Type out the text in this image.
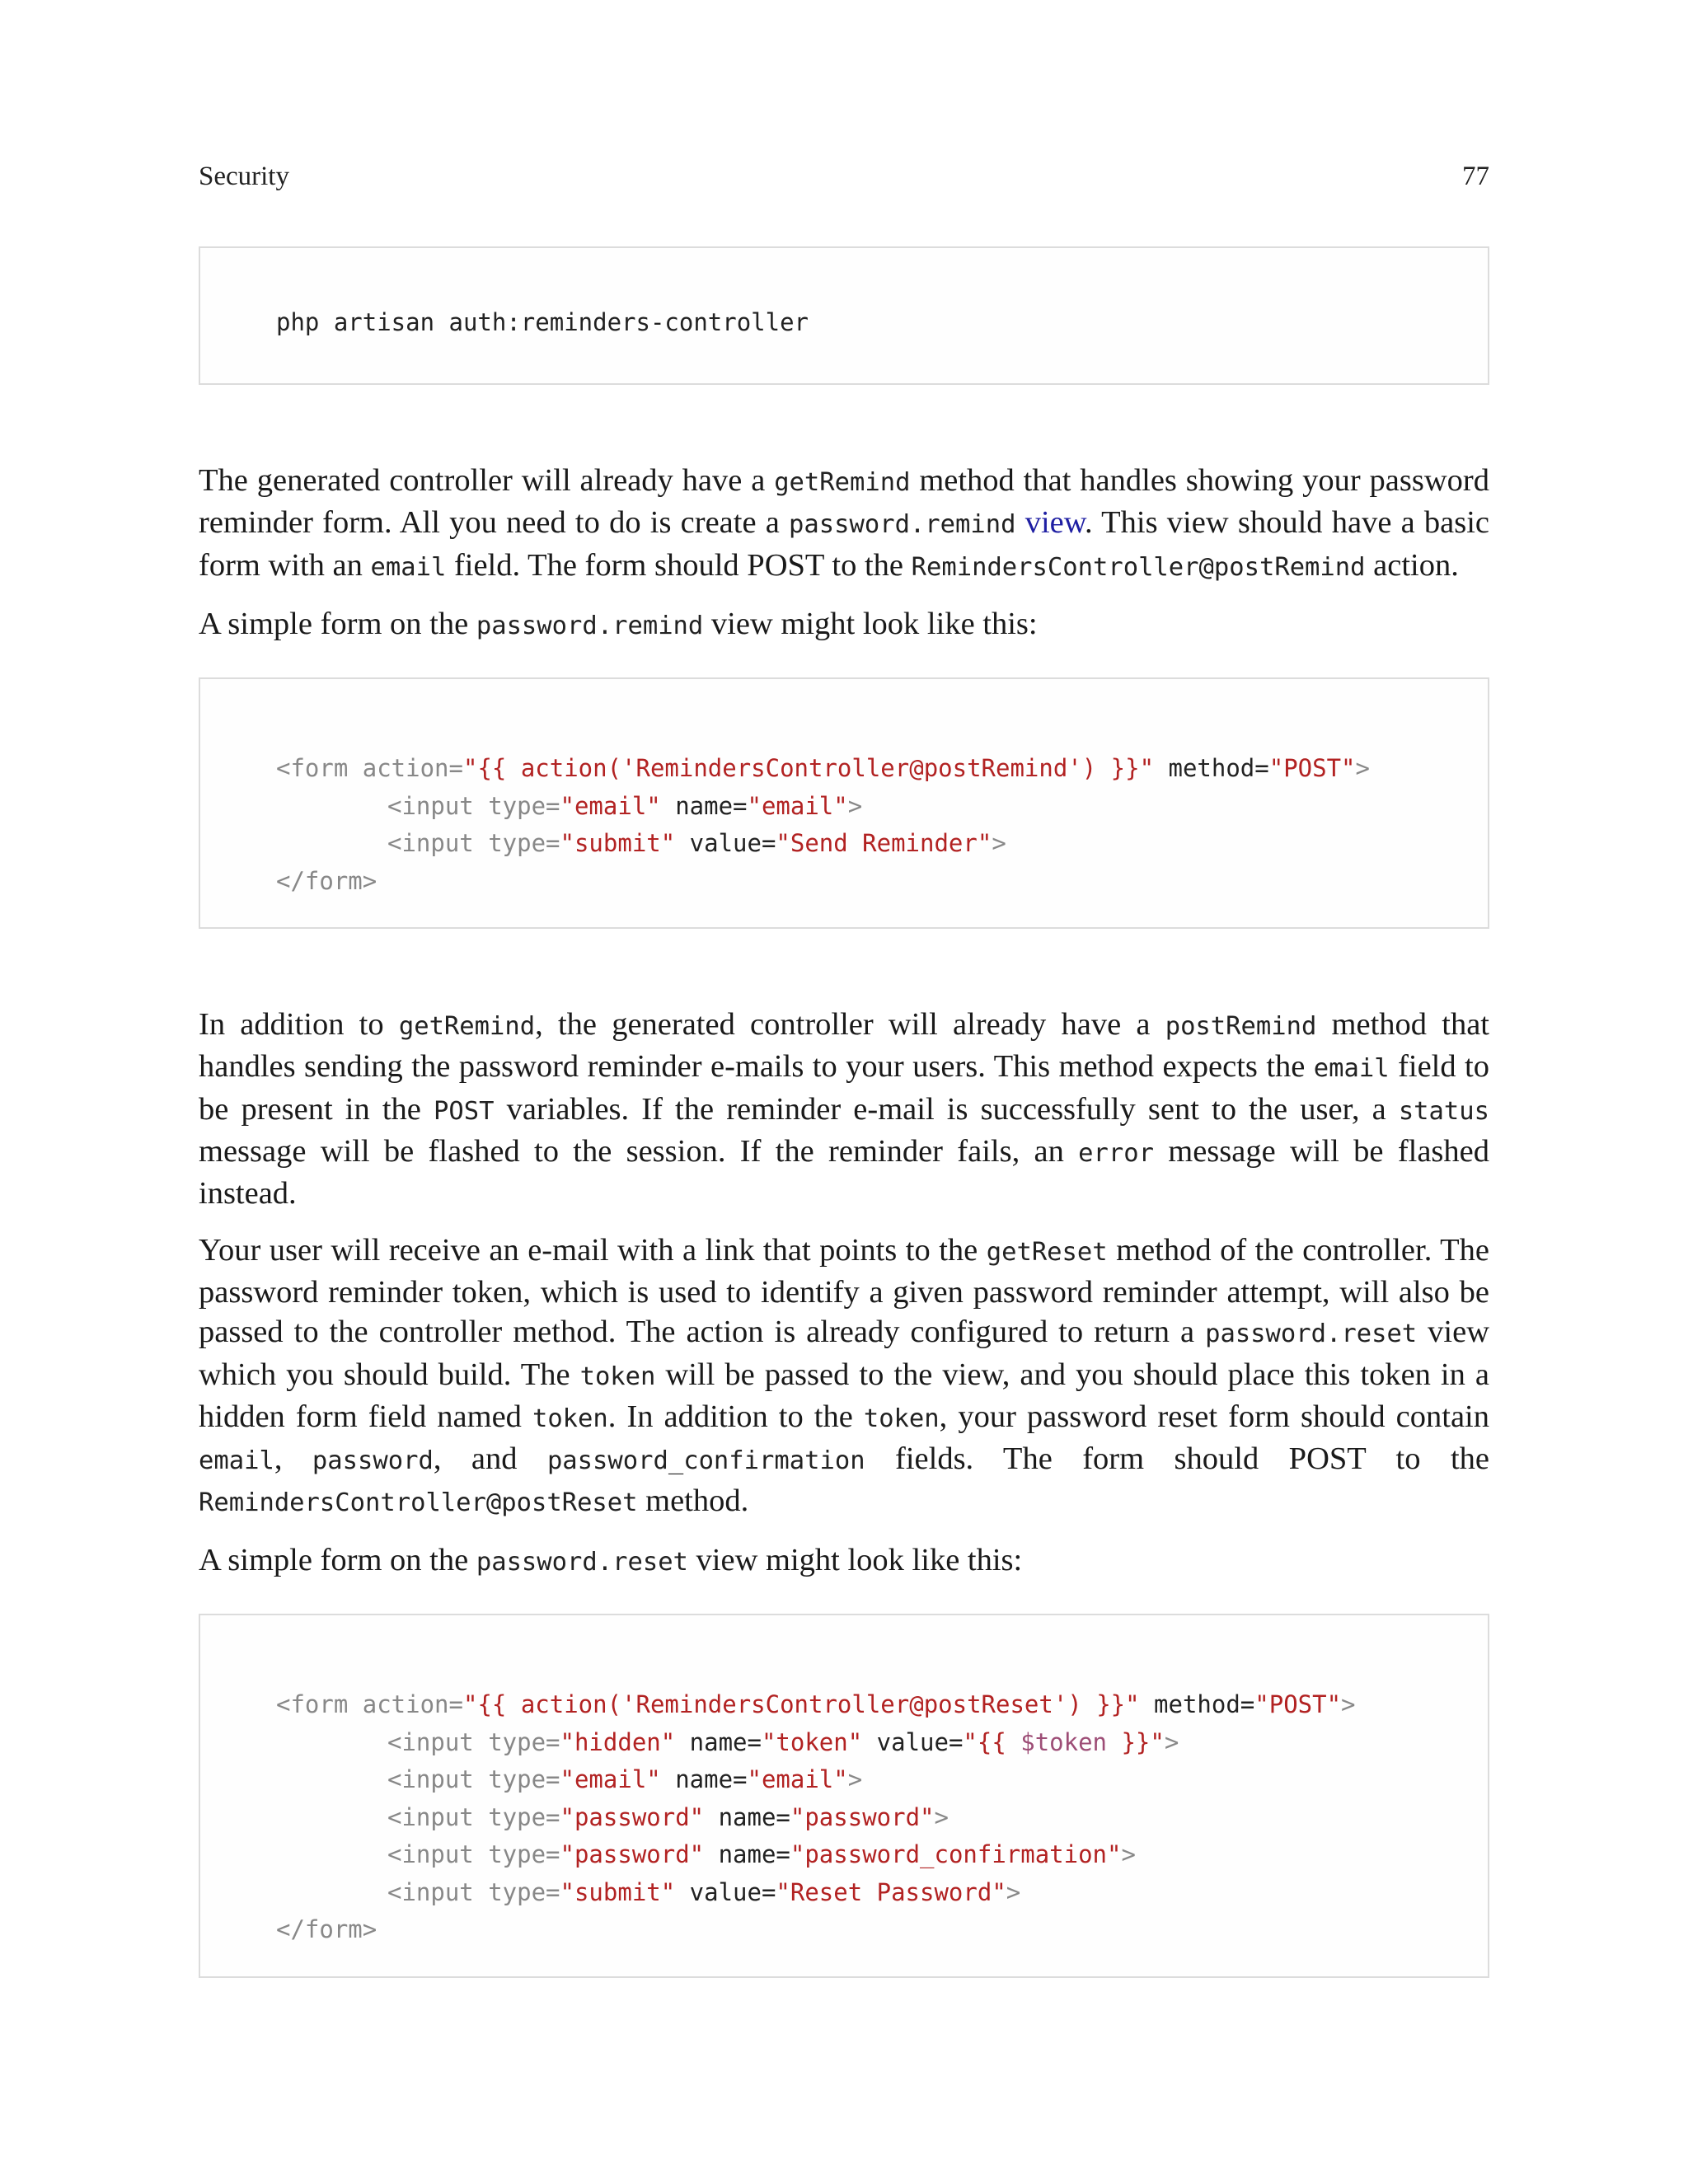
Security	77
php artisan auth:reminders-controller

The generated controller will already have a getRemind method that handles showing your password reminder form. All you need to do is create a password.remind view. This view should have a basic form with an email field. The form should POST to the RemindersController@postRemind action.

A simple form on the password.remind view might look like this:

<form action="{{ action('RemindersController@postRemind') }}" method="POST">
<input type="email" name="email">
<input type="submit" value="Send Reminder">
</form>

In addition to getRemind, the generated controller will already have a postRemind method that handles sending the password reminder e-mails to your users. This method expects the email field to be present in the POST variables. If the reminder e-mail is successfully sent to the user, a status message will be flashed to the session. If the reminder fails, an error message will be flashed instead.

Your user will receive an e-mail with a link that points to the getReset method of the controller. The password reminder token, which is used to identify a given password reminder attempt, will also be passed to the controller method. The action is already configured to return a password.reset view which you should build. The token will be passed to the view, and you should place this token in a hidden form field named token. In addition to the token, your password reset form should contain email, password, and password_confirmation fields. The form should POST to the RemindersController@postReset method.

A simple form on the password.reset view might look like this:

<form action="{{ action('RemindersController@postReset') }}" method="POST">
<input type="hidden" name="token" value="{{ $token }}">
<input type="email" name="email">
<input type="password" name="password">
<input type="password" name="password_confirmation">
<input type="submit" value="Reset Password">
</form>
